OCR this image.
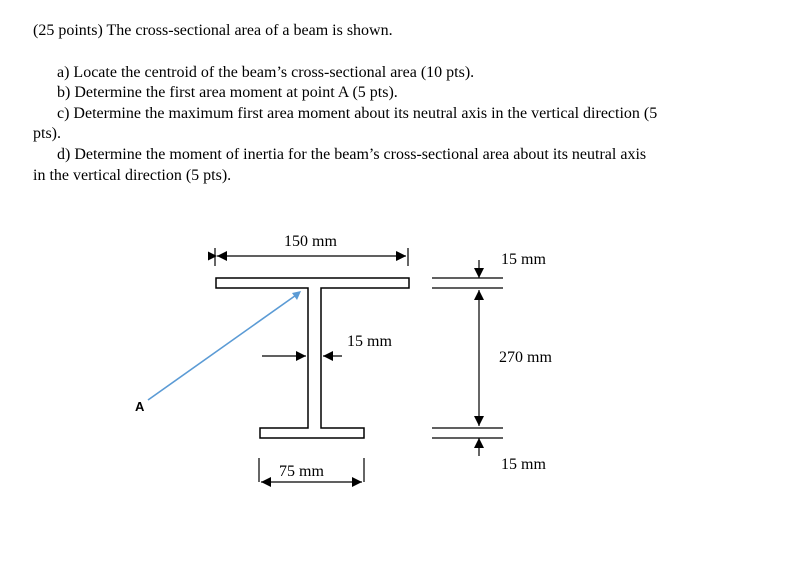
(25 points) The cross-sectional area of a beam is shown.
a) Locate the centroid of the beam’s cross-sectional area (10 pts).
b) Determine the first area moment at point A (5 pts).
c) Determine the maximum first area moment about its neutral axis in the vertical direction (5
pts).
d) Determine the moment of inertia for the beam’s cross-sectional area about its neutral axis
in the vertical direction (5 pts).
150 mm
15 mm
75 mm
15 mm
270 mm
15 mm
A
